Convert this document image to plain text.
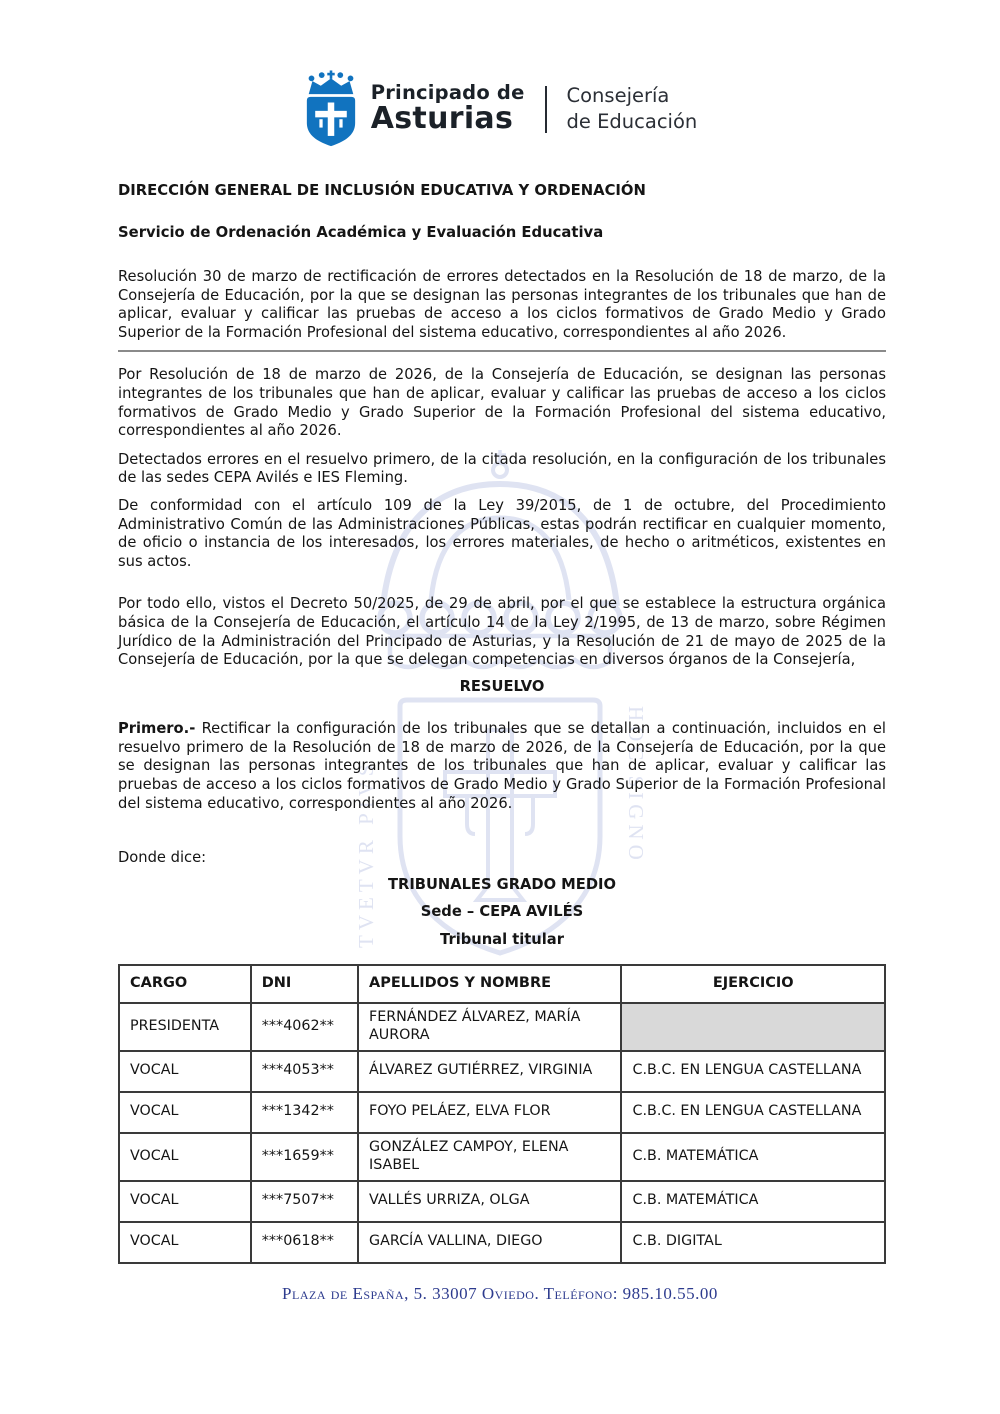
TVETVR PIVS	HOC SIGNO
Principado de
Asturias
Consejería
de Educación
DIRECCIÓN GENERAL DE INCLUSIÓN EDUCATIVA Y ORDENACIÓN
Servicio de Ordenación Académica y Evaluación Educativa

Resolución 30 de marzo de rectificación de errores detectados en la Resolución de 18 de marzo, de la Consejería de Educación, por la que se designan las personas integrantes de los tribunales que han de aplicar, evaluar y calificar las pruebas de acceso a los ciclos formativos de Grado Medio y Grado Superior de la Formación Profesional del sistema educativo, correspondientes al año 2026.

Por Resolución de 18 de marzo de 2026, de la Consejería de Educación, se designan las personas integrantes de los tribunales que han de aplicar, evaluar y calificar las pruebas de acceso a los ciclos formativos de Grado Medio y Grado Superior de la Formación Profesional del sistema educativo, correspondientes al año 2026.

Detectados errores en el resuelvo primero, de la citada resolución, en la configuración de los tribunales de las sedes CEPA Avilés e IES Fleming.

De conformidad con el artículo 109 de la Ley 39/2015, de 1 de octubre, del Procedimiento Administrativo Común de las Administraciones Públicas, estas podrán rectificar en cualquier momento, de oficio o instancia de los interesados, los errores materiales, de hecho o aritméticos, existentes en sus actos.

Por todo ello, vistos el Decreto 50/2025, de 29 de abril, por el que se establece la estructura orgánica básica de la Consejería de Educación, el artículo 14 de la Ley 2/1995, de 13 de marzo, sobre Régimen Jurídico de la Administración del Principado de Asturias, y la Resolución de 21 de mayo de 2025 de la Consejería de Educación, por la que se delegan competencias en diversos órganos de la Consejería,

RESUELVO

Primero.- Rectificar la configuración de los tribunales que se detallan a continuación, incluidos en el resuelvo primero de la Resolución de 18 de marzo de 2026, de la Consejería de Educación, por la que se designan las personas integrantes de los tribunales que han de aplicar, evaluar y calificar las pruebas de acceso a los ciclos formativos de Grado Medio y Grado Superior de la Formación Profesional del sistema educativo, correspondientes al año 2026.

Donde dice:

TRIBUNALES GRADO MEDIO

Sede – CEPA AVILÉS

Tribunal titular

CARGO	DNI	APELLIDOS Y NOMBRE	EJERCICIO
PRESIDENTA	***4062**	FERNÁNDEZ ÁLVAREZ, MARÍA AURORA	
VOCAL	***4053**	ÁLVAREZ GUTIÉRREZ, VIRGINIA	C.B.C. EN LENGUA CASTELLANA
VOCAL	***1342**	FOYO PELÁEZ, ELVA FLOR	C.B.C. EN LENGUA CASTELLANA
VOCAL	***1659**	GONZÁLEZ CAMPOY, ELENA ISABEL	C.B. MATEMÁTICA
VOCAL	***7507**	VALLÉS URRIZA, OLGA	C.B. MATEMÁTICA
VOCAL	***0618**	GARCÍA VALLINA, DIEGO	C.B. DIGITAL
Plaza de España, 5. 33007 Oviedo. Teléfono: 985.10.55.00
